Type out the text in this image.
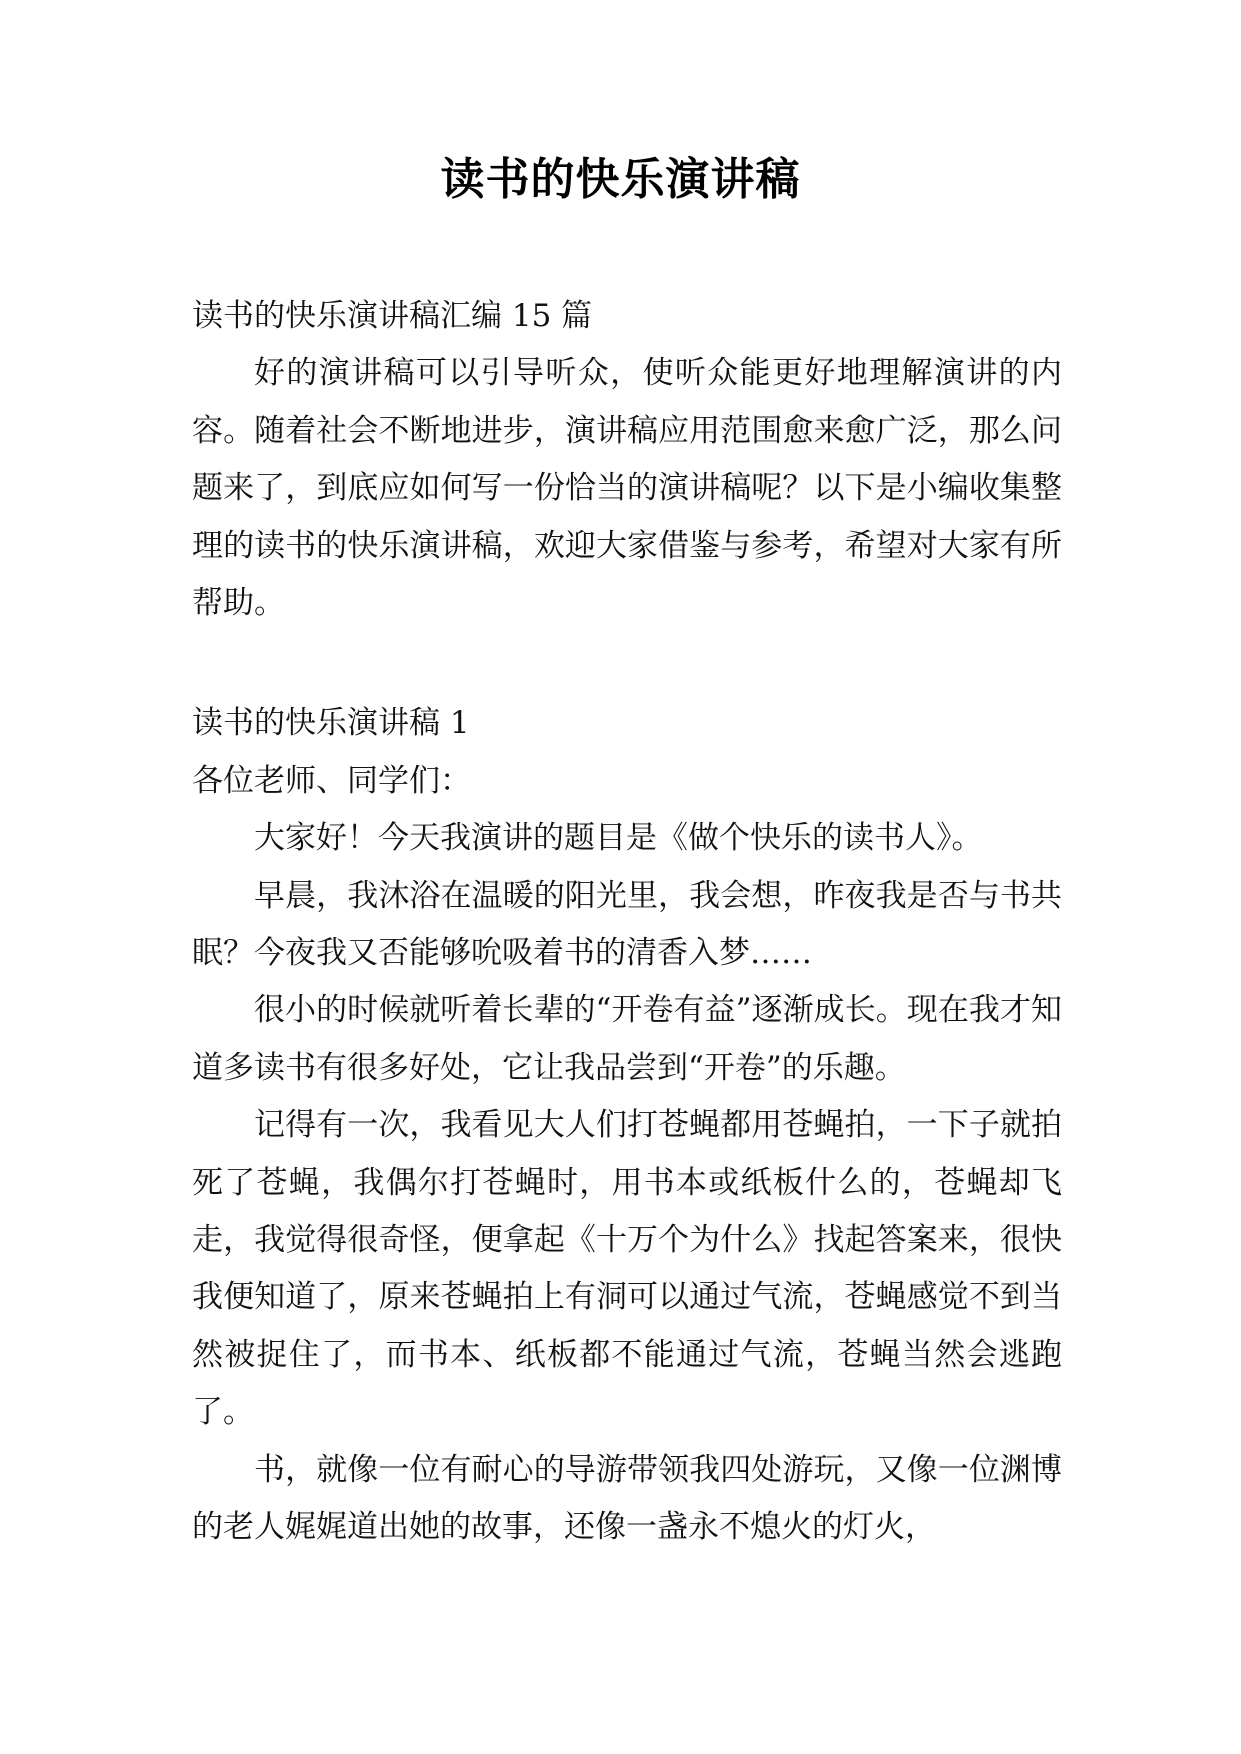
读书的快乐演讲稿
读书的快乐演讲稿汇编 15 篇

好的演讲稿可以引导听众，使听众能更好地理解演讲的内容。随着社会不断地进步，演讲稿应用范围愈来愈广泛，那么问题来了，到底应如何写一份恰当的演讲稿呢？以下是小编收集整理的读书的快乐演讲稿，欢迎大家借鉴与参考，希望对大家有所帮助。

读书的快乐演讲稿 1
各位老师、同学们：

大家好！今天我演讲的题目是《做个快乐的读书人》。

早晨，我沐浴在温暖的阳光里，我会想，昨夜我是否与书共眠？今夜我又否能够吮吸着书的清香入梦……

很小的时候就听着长辈的“开卷有益”逐渐成长。现在我才知道多读书有很多好处，它让我品尝到“开卷”的乐趣。

记得有一次，我看见大人们打苍蝇都用苍蝇拍，一下子就拍死了苍蝇，我偶尔打苍蝇时，用书本或纸板什么的，苍蝇却飞走，我觉得很奇怪，便拿起《十万个为什么》找起答案来，很快我便知道了，原来苍蝇拍上有洞可以通过气流，苍蝇感觉不到当然被捉住了，而书本、纸板都不能通过气流，苍蝇当然会逃跑了。

书，就像一位有耐心的导游带领我四处游玩，又像一位渊博的老人娓娓道出她的故事，还像一盏永不熄火的灯火，
